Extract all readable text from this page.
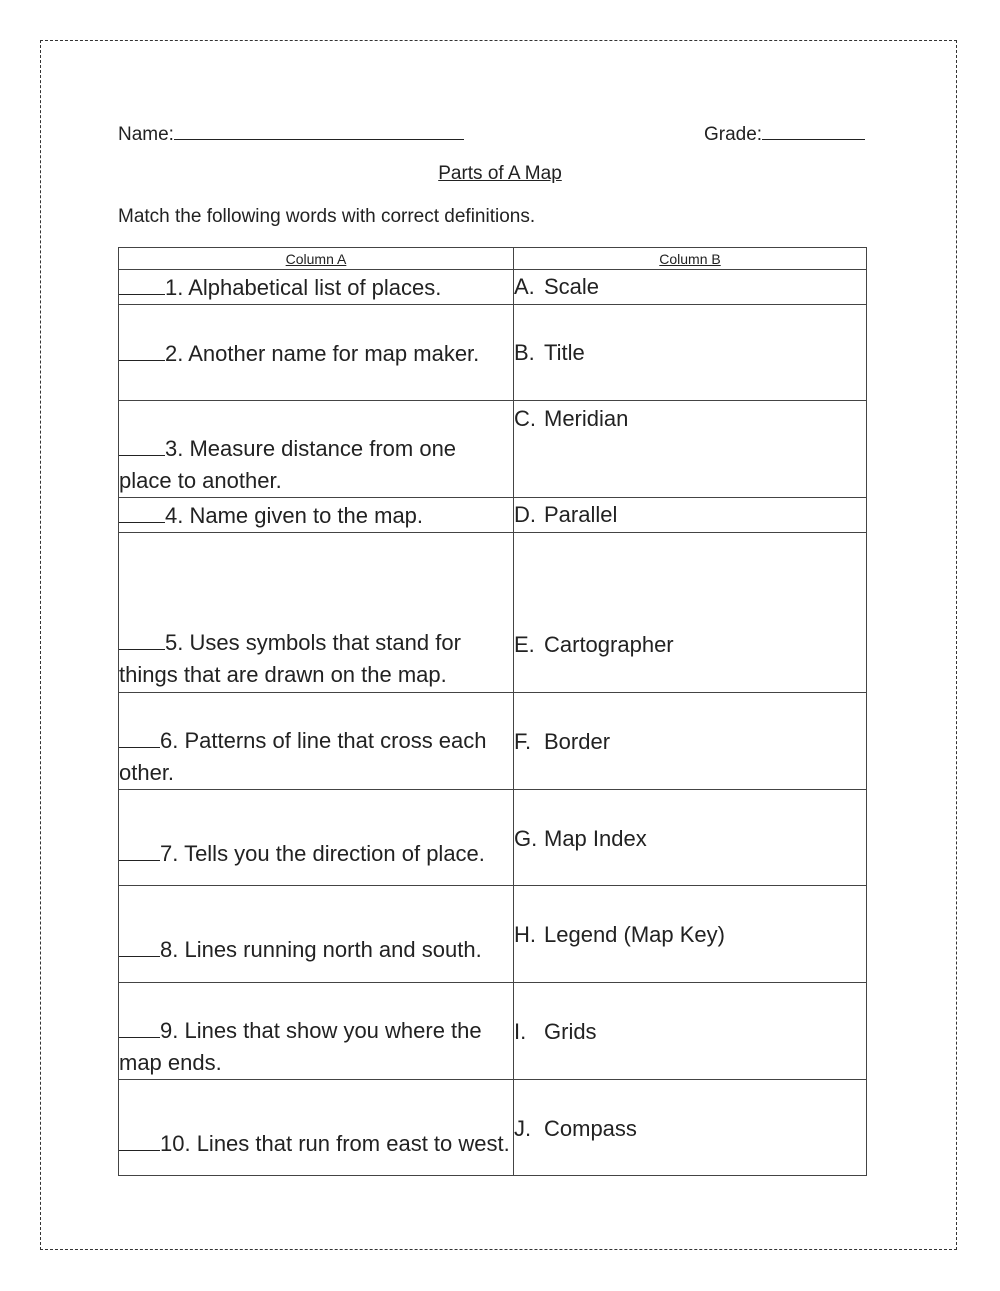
Name:	Grade:
Parts of A Map
Match the following words with correct definitions.
Column A	Column B
1. Alphabetical list of places.	A. Scale
2. Another name for map maker.	B. Title
3. Measure distance from one place to another.	C. Meridian
4. Name given to the map.	D. Parallel
5. Uses symbols that stand for things that are drawn on the map.	E. Cartographer
6. Patterns of line that cross each other.	F. Border
7. Tells you the direction of place.	G. Map Index
8. Lines running north and south.	H. Legend (Map Key)
9. Lines that show you where the map ends.	I. Grids
10. Lines that run from east to west.	J. Compass
